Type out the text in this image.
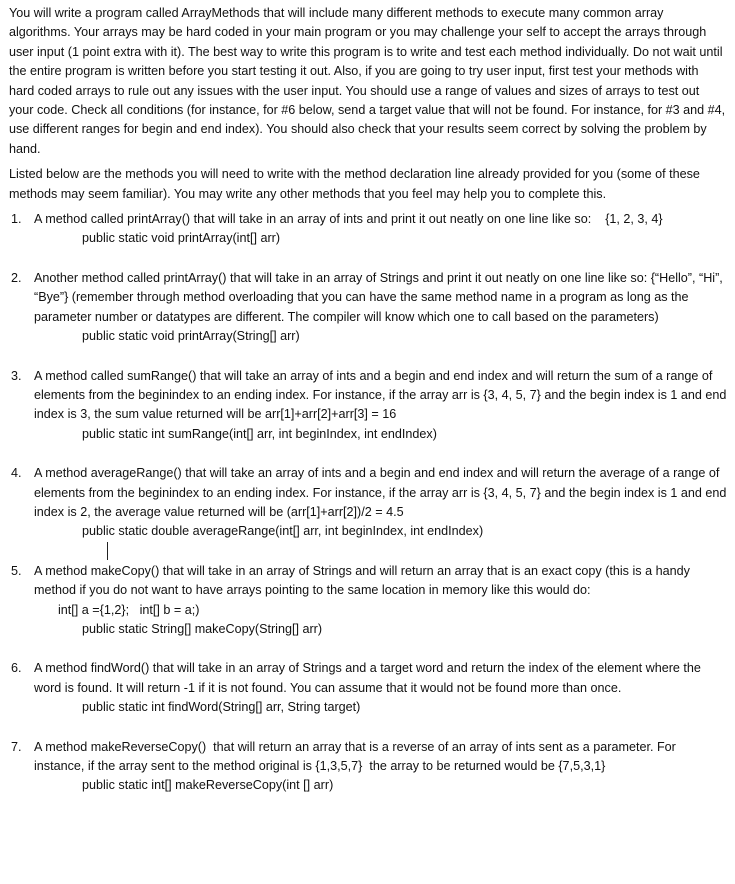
You will write a program called ArrayMethods that will include many different methods to execute many common array algorithms. Your arrays may be hard coded in your main program or you may challenge your self to accept the arrays through user input (1 point extra with it). The best way to write this program is to write and test each method individually. Do not wait until the entire program is written before you start testing it out. Also, if you are going to try user input, first test your methods with hard coded arrays to rule out any issues with the user input. You should use a range of values and sizes of arrays to test out your code. Check all conditions (for instance, for #6 below, send a target value that will not be found. For instance, for #3 and #4, use different ranges for begin and end index). You should also check that your results seem correct by solving the problem by hand.

Listed below are the methods you will need to write with the method declaration line already provided for you (some of these methods may seem familiar). You may write any other methods that you feel may help you to complete this.

1. A method called printArray() that will take in an array of ints and print it out neatly on one line like so:    {1, 2, 3, 4}
public static void printArray(int[] arr)
2. Another method called printArray() that will take in an array of Strings and print it out neatly on one line like so: {“Hello”, “Hi”, “Bye”} (remember through method overloading that you can have the same method name in a program as long as the parameter number or datatypes are different. The compiler will know which one to call based on the parameters)
public static void printArray(String[] arr)
3. A method called sumRange() that will take an array of ints and a begin and end index and will return the sum of a range of elements from the beginindex to an ending index. For instance, if the array arr is {3, 4, 5, 7} and the begin index is 1 and end index is 3, the sum value returned will be arr[1]+arr[2]+arr[3] = 16
public static int sumRange(int[] arr, int beginIndex, int endIndex)
4. A method averageRange() that will take an array of ints and a begin and end index and will return the average of a range of elements from the beginindex to an ending index. For instance, if the array arr is {3, 4, 5, 7} and the begin index is 1 and end index is 2, the average value returned will be (arr[1]+arr[2])/2 = 4.5
public static double averageRange(int[] arr, int beginIndex, int endIndex)
5. A method makeCopy() that will take in an array of Strings and will return an array that is an exact copy (this is a handy method if you do not want to have arrays pointing to the same location in memory like this would do:
int[] a ={1,2};   int[] b = a;)
public static String[] makeCopy(String[] arr)
6. A method findWord() that will take in an array of Strings and a target word and return the index of the element where the word is found. It will return -1 if it is not found. You can assume that it would not be found more than once.
public static int findWord(String[] arr, String target)
7. A method makeReverseCopy()  that will return an array that is a reverse of an array of ints sent as a parameter. For instance, if the array sent to the method original is {1,3,5,7}  the array to be returned would be {7,5,3,1}
public static int[] makeReverseCopy(int [] arr)
